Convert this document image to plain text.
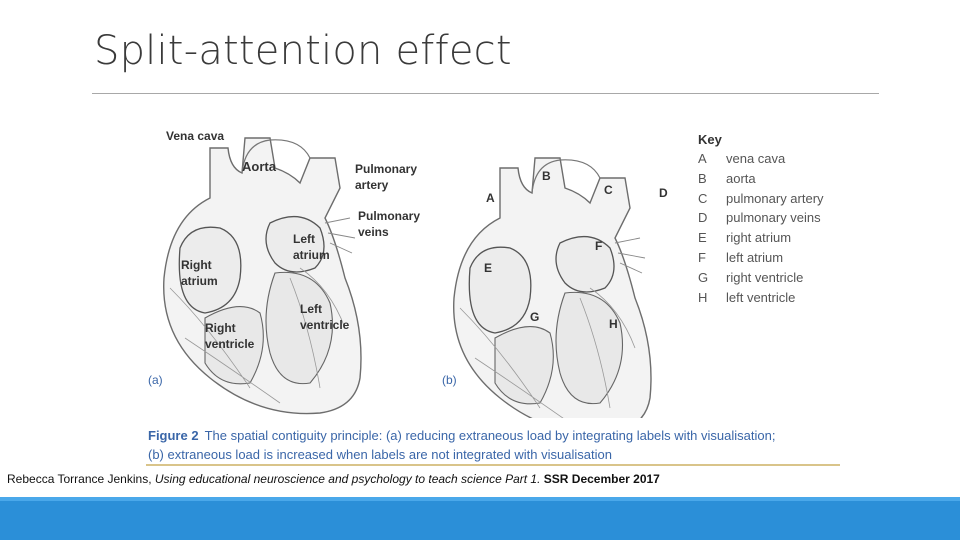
Split-attention effect
Vena cava
Aorta	Pulmonary
artery
Pulmonary
veins
Left
atrium
Right
atrium
Left
ventricle
Right
ventricle
(a)
A
B
C	D
E
F
G	H
(b)
Key
A	vena cava
B	aorta
C	pulmonary artery
D	pulmonary veins
E	right atrium
F	left atrium
G	right ventricle
H	left ventricle
Figure 2 The spatial contiguity principle: (a) reducing extraneous load by integrating labels with visualisation;
(b) extraneous load is increased when labels are not integrated with visualisation
Rebecca Torrance Jenkins, Using educational neuroscience and psychology to teach science Part 1. SSR December 2017
